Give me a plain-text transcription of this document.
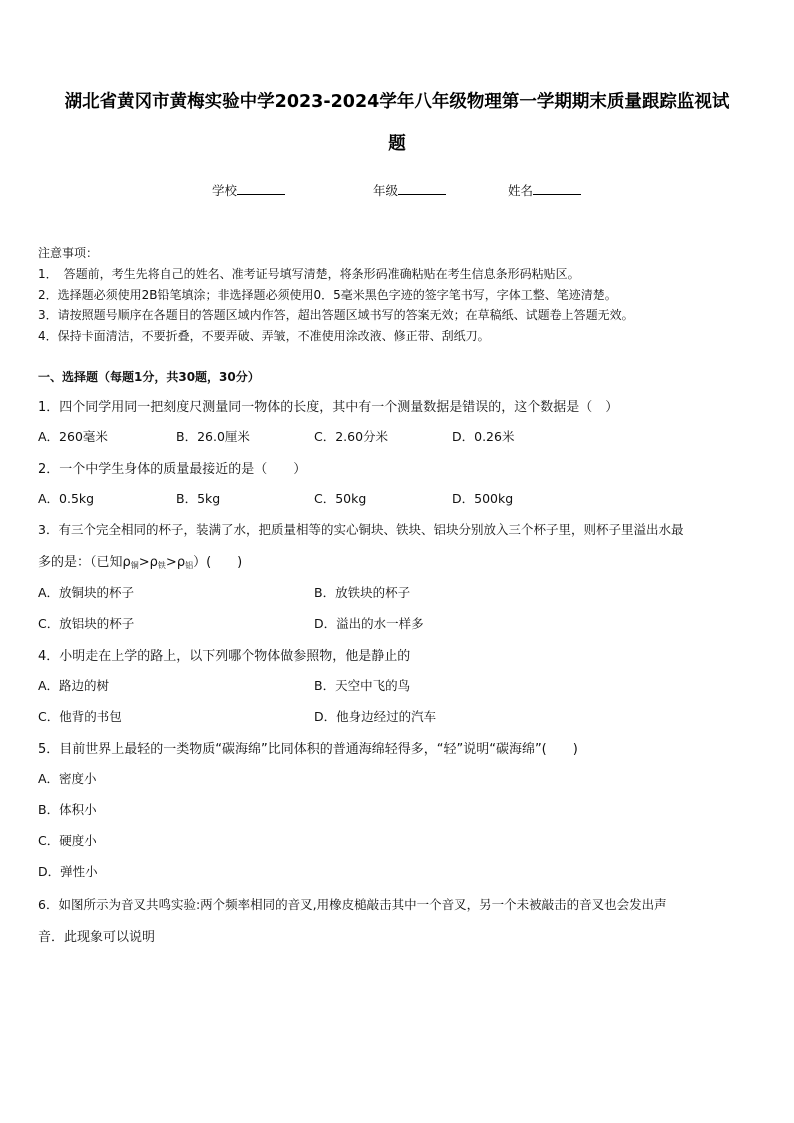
湖北省黄冈市黄梅实验中学2023-2024学年八年级物理第一学期期末质量跟踪监视试
题
学校	年级	姓名
注意事项：
1．　答题前，考生先将自己的姓名、准考证号填写清楚，将条形码准确粘贴在考生信息条形码粘贴区。
2．选择题必须使用2B铅笔填涂；非选择题必须使用0．5毫米黑色字迹的签字笔书写，字体工整、笔迹清楚。
3．请按照题号顺序在各题目的答题区域内作答，超出答题区域书写的答案无效；在草稿纸、试题卷上答题无效。
4．保持卡面清洁，不要折叠，不要弄破、弄皱，不准使用涂改液、修正带、刮纸刀。
一、选择题（每题1分，共30题，30分）
1．四个同学用同一把刻度尺测量同一物体的长度，其中有一个测量数据是错误的，这个数据是（　）
A．260毫米	B．26.0厘米	C．2.60分米	D．0.26米
2．一个中学生身体的质量最接近的是（　　）
A．0.5kg	B．5kg	C．50kg	D．500kg
3．有三个完全相同的杯子，装满了水，把质量相等的实心铜块、铁块、铝块分别放入三个杯子里，则杯子里溢出水最
多的是：（已知$\rho_铜>\rho_铁>\rho_铝$）(　　)
A．放铜块的杯子	B．放铁块的杯子
C．放铝块的杯子	D．溢出的水一样多
4．小明走在上学的路上，以下列哪个物体做参照物，他是静止的
A．路边的树	B．天空中飞的鸟
C．他背的书包	D．他身边经过的汽车
5．目前世界上最轻的一类物质“碳海绵”比同体积的普通海绵轻得多，“轻”说明“碳海绵”(　　)
A．密度小
B．体积小
C．硬度小
D．弹性小
6．如图所示为音叉共鸣实验:两个频率相同的音叉,用橡皮槌敲击其中一个音叉，另一个未被敲击的音叉也会发出声
音．此现象可以说明
